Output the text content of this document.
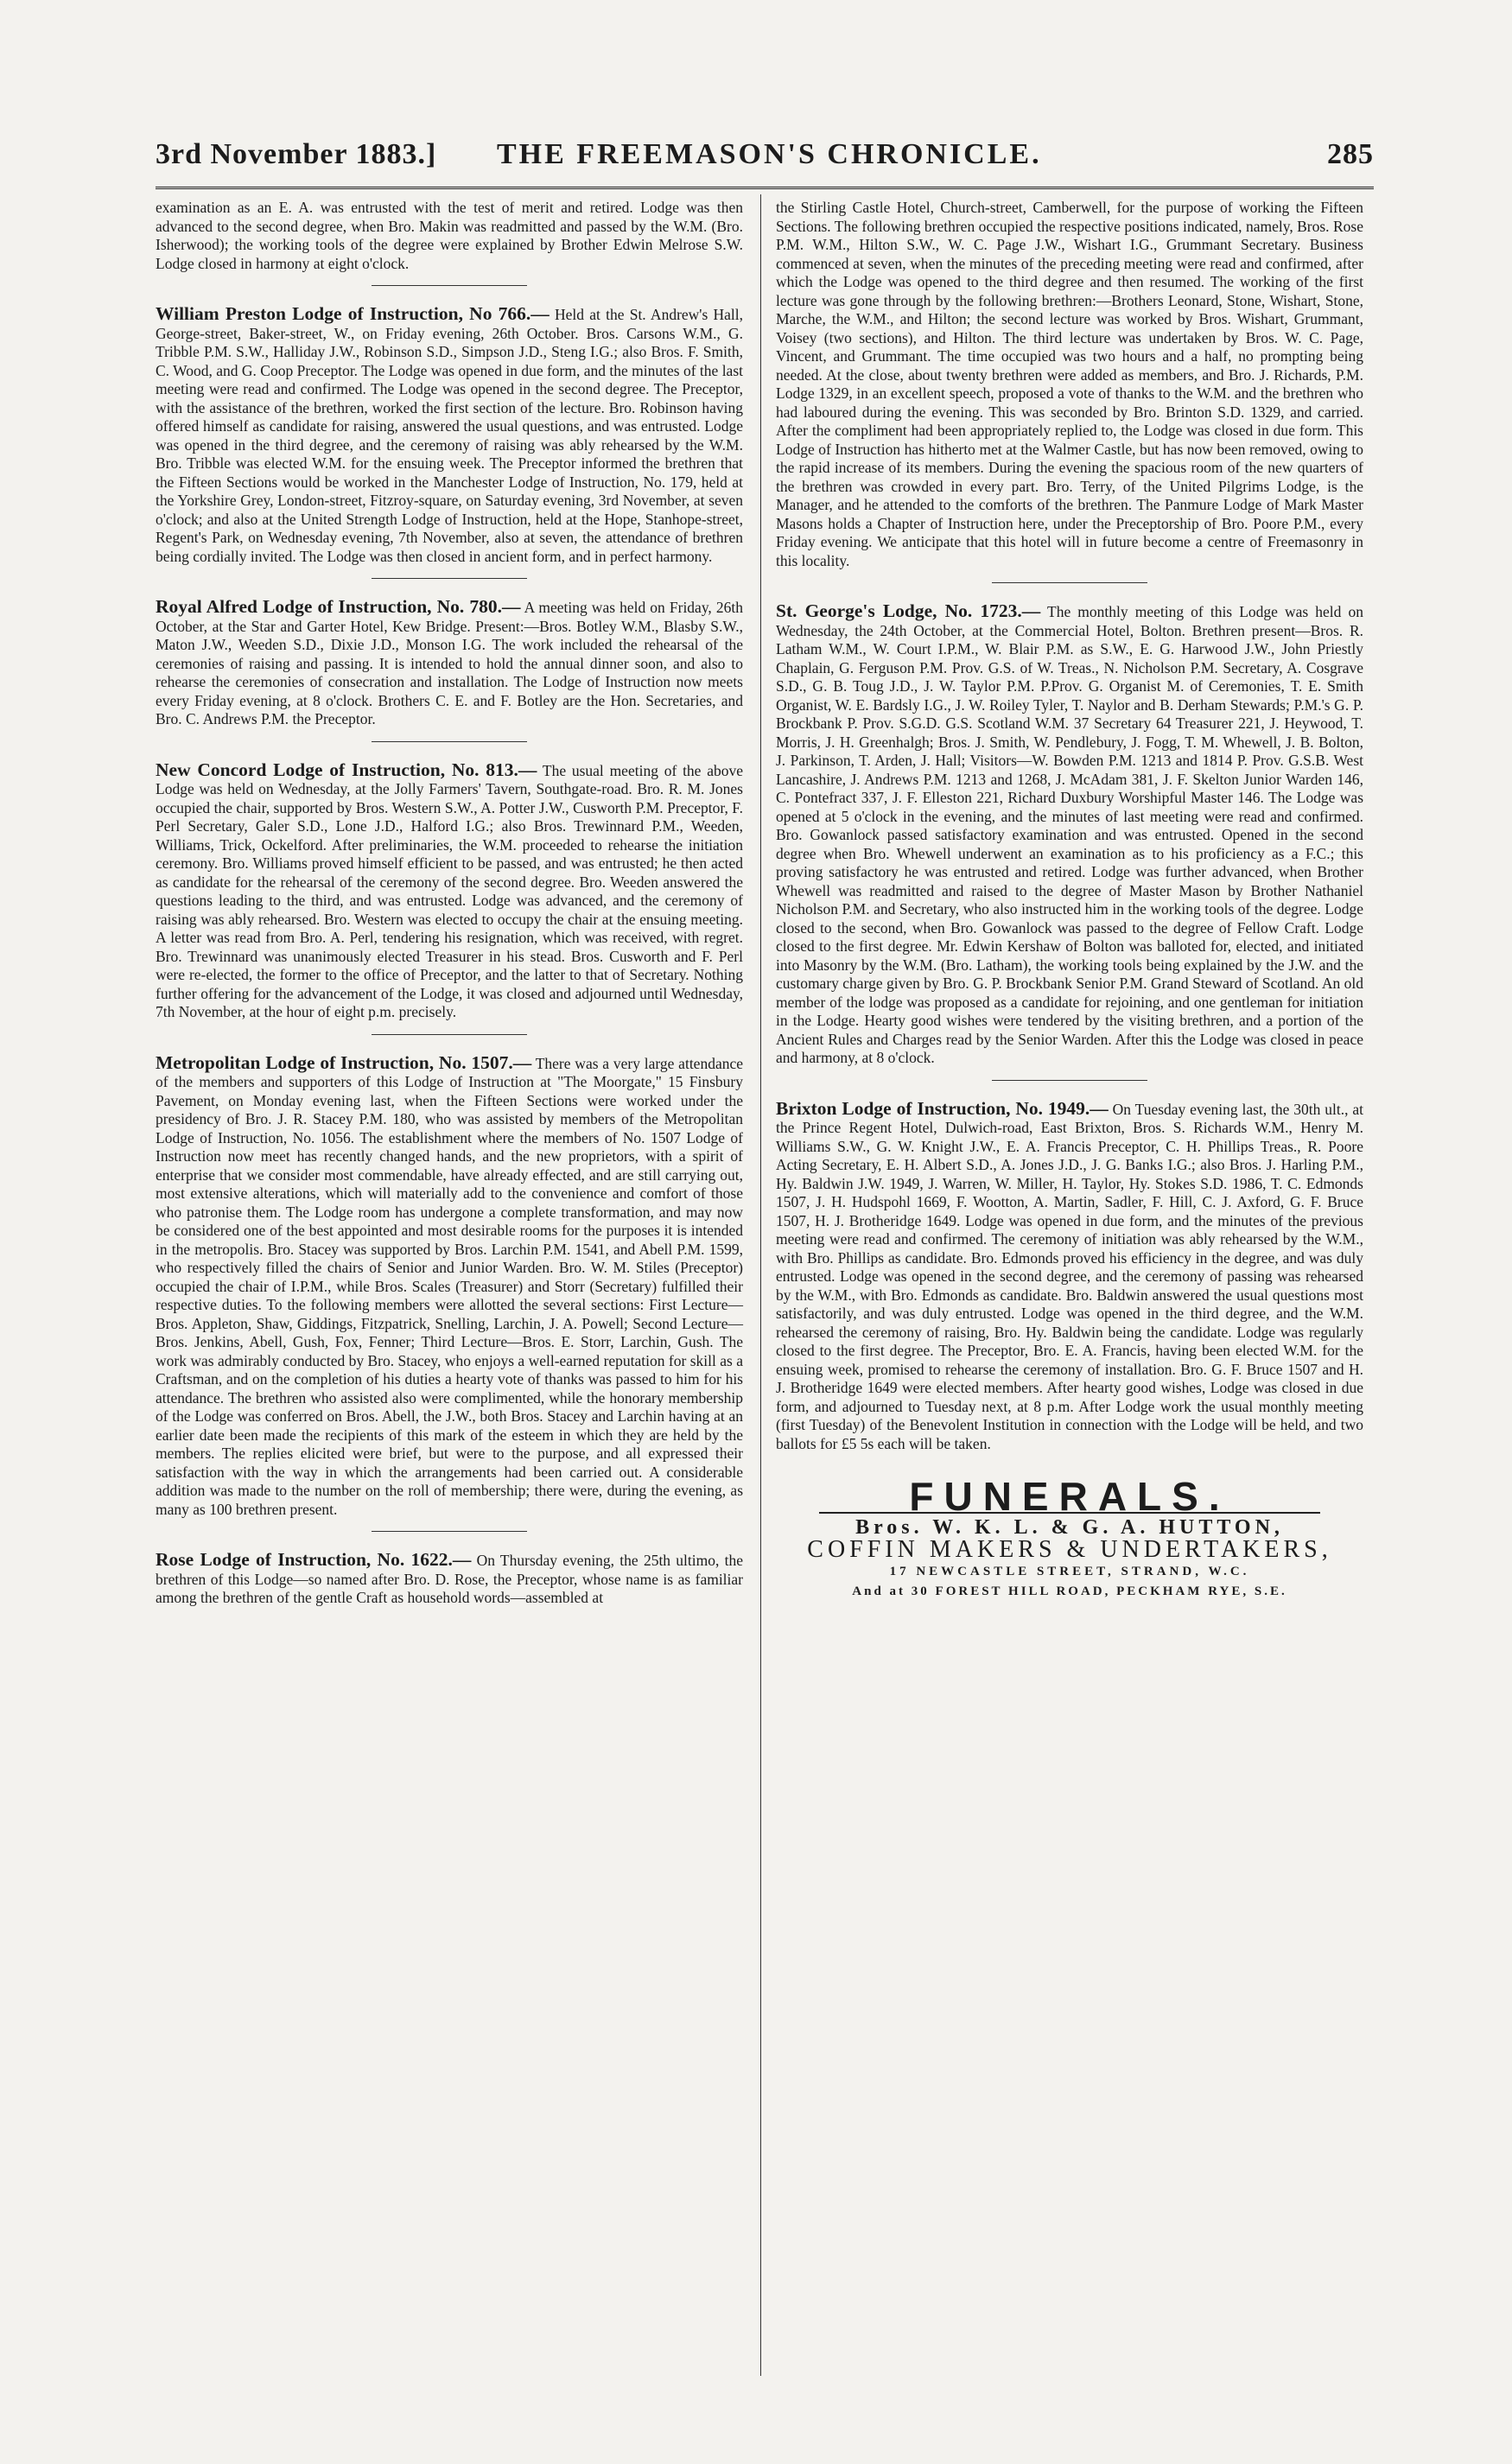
3rd November 1883.] THE FREEMASON'S CHRONICLE.	285

examination as an E. A. was entrusted with the test of merit and retired. Lodge was then advanced to the second degree, when Bro. Makin was readmitted and passed by the W.M. (Bro. Isherwood); the working tools of the degree were explained by Brother Edwin Melrose S.W. Lodge closed in harmony at eight o'clock.

William Preston Lodge of Instruction, No 766.— Held at the St. Andrew's Hall, George-street, Baker-street, W., on Friday evening, 26th October. Bros. Carsons W.M., G. Tribble P.M. S.W., Halliday J.W., Robinson S.D., Simpson J.D., Steng I.G.; also Bros. F. Smith, C. Wood, and G. Coop Preceptor. The Lodge was opened in due form, and the minutes of the last meeting were read and confirmed. The Lodge was opened in the second degree. The Preceptor, with the assistance of the brethren, worked the first section of the lecture. Bro. Robinson having offered himself as candidate for raising, answered the usual questions, and was entrusted. Lodge was opened in the third degree, and the ceremony of raising was ably rehearsed by the W.M. Bro. Tribble was elected W.M. for the ensuing week. The Preceptor informed the brethren that the Fifteen Sections would be worked in the Manchester Lodge of Instruction, No. 179, held at the Yorkshire Grey, London-street, Fitzroy-square, on Saturday evening, 3rd November, at seven o'clock; and also at the United Strength Lodge of Instruction, held at the Hope, Stanhope-street, Regent's Park, on Wednesday evening, 7th November, also at seven, the attendance of brethren being cordially invited. The Lodge was then closed in ancient form, and in perfect harmony.

Royal Alfred Lodge of Instruction, No. 780.— A meeting was held on Friday, 26th October, at the Star and Garter Hotel, Kew Bridge. Present:—Bros. Botley W.M., Blasby S.W., Maton J.W., Weeden S.D., Dixie J.D., Monson I.G. The work included the rehearsal of the ceremonies of raising and passing. It is intended to hold the annual dinner soon, and also to rehearse the ceremonies of consecration and installation. The Lodge of Instruction now meets every Friday evening, at 8 o'clock. Brothers C. E. and F. Botley are the Hon. Secretaries, and Bro. C. Andrews P.M. the Preceptor.

New Concord Lodge of Instruction, No. 813.— The usual meeting of the above Lodge was held on Wednesday, at the Jolly Farmers' Tavern, Southgate-road. Bro. R. M. Jones occupied the chair, supported by Bros. Western S.W., A. Potter J.W., Cusworth P.M. Preceptor, F. Perl Secretary, Galer S.D., Lone J.D., Halford I.G.; also Bros. Trewinnard P.M., Weeden, Williams, Trick, Ockelford. After preliminaries, the W.M. proceeded to rehearse the initiation ceremony. Bro. Williams proved himself efficient to be passed, and was entrusted; he then acted as candidate for the rehearsal of the ceremony of the second degree. Bro. Weeden answered the questions leading to the third, and was entrusted. Lodge was advanced, and the ceremony of raising was ably rehearsed. Bro. Western was elected to occupy the chair at the ensuing meeting. A letter was read from Bro. A. Perl, tendering his resignation, which was received, with regret. Bro. Trewinnard was unanimously elected Treasurer in his stead. Bros. Cusworth and F. Perl were re-elected, the former to the office of Preceptor, and the latter to that of Secretary. Nothing further offering for the advancement of the Lodge, it was closed and adjourned until Wednesday, 7th November, at the hour of eight p.m. precisely.

Metropolitan Lodge of Instruction, No. 1507.— There was a very large attendance of the members and supporters of this Lodge of Instruction at "The Moorgate," 15 Finsbury Pavement, on Monday evening last, when the Fifteen Sections were worked under the presidency of Bro. J. R. Stacey P.M. 180, who was assisted by members of the Metropolitan Lodge of Instruction, No. 1056. The establishment where the members of No. 1507 Lodge of Instruction now meet has recently changed hands, and the new proprietors, with a spirit of enterprise that we consider most commendable, have already effected, and are still carrying out, most extensive alterations, which will materially add to the convenience and comfort of those who patronise them. The Lodge room has undergone a complete transformation, and may now be considered one of the best appointed and most desirable rooms for the purposes it is intended in the metropolis. Bro. Stacey was supported by Bros. Larchin P.M. 1541, and Abell P.M. 1599, who respectively filled the chairs of Senior and Junior Warden. Bro. W. M. Stiles (Preceptor) occupied the chair of I.P.M., while Bros. Scales (Treasurer) and Storr (Secretary) fulfilled their respective duties. To the following members were allotted the several sections: First Lecture—Bros. Appleton, Shaw, Giddings, Fitzpatrick, Snelling, Larchin, J. A. Powell; Second Lecture—Bros. Jenkins, Abell, Gush, Fox, Fenner; Third Lecture—Bros. E. Storr, Larchin, Gush. The work was admirably conducted by Bro. Stacey, who enjoys a well-earned reputation for skill as a Craftsman, and on the completion of his duties a hearty vote of thanks was passed to him for his attendance. The brethren who assisted also were complimented, while the honorary membership of the Lodge was conferred on Bros. Abell, the J.W., both Bros. Stacey and Larchin having at an earlier date been made the recipients of this mark of the esteem in which they are held by the members. The replies elicited were brief, but were to the purpose, and all expressed their satisfaction with the way in which the arrangements had been carried out. A considerable addition was made to the number on the roll of membership; there were, during the evening, as many as 100 brethren present.

Rose Lodge of Instruction, No. 1622.— On Thursday evening, the 25th ultimo, the brethren of this Lodge—so named after Bro. D. Rose, the Preceptor, whose name is as familiar among the brethren of the gentle Craft as household words—assembled at

the Stirling Castle Hotel, Church-street, Camberwell, for the purpose of working the Fifteen Sections. The following brethren occupied the respective positions indicated, namely, Bros. Rose P.M. W.M., Hilton S.W., W. C. Page J.W., Wishart I.G., Grummant Secretary. Business commenced at seven, when the minutes of the preceding meeting were read and confirmed, after which the Lodge was opened to the third degree and then resumed. The working of the first lecture was gone through by the following brethren:—Brothers Leonard, Stone, Wishart, Stone, Marche, the W.M., and Hilton; the second lecture was worked by Bros. Wishart, Grummant, Voisey (two sections), and Hilton. The third lecture was undertaken by Bros. W. C. Page, Vincent, and Grummant. The time occupied was two hours and a half, no prompting being needed. At the close, about twenty brethren were added as members, and Bro. J. Richards, P.M. Lodge 1329, in an excellent speech, proposed a vote of thanks to the W.M. and the brethren who had laboured during the evening. This was seconded by Bro. Brinton S.D. 1329, and carried. After the compliment had been appropriately replied to, the Lodge was closed in due form. This Lodge of Instruction has hitherto met at the Walmer Castle, but has now been removed, owing to the rapid increase of its members. During the evening the spacious room of the new quarters of the brethren was crowded in every part. Bro. Terry, of the United Pilgrims Lodge, is the Manager, and he attended to the comforts of the brethren. The Panmure Lodge of Mark Master Masons holds a Chapter of Instruction here, under the Preceptorship of Bro. Poore P.M., every Friday evening. We anticipate that this hotel will in future become a centre of Freemasonry in this locality.

St. George's Lodge, No. 1723.— The monthly meeting of this Lodge was held on Wednesday, the 24th October, at the Commercial Hotel, Bolton. Brethren present—Bros. R. Latham W.M., W. Court I.P.M., W. Blair P.M. as S.W., E. G. Harwood J.W., John Priestly Chaplain, G. Ferguson P.M. Prov. G.S. of W. Treas., N. Nicholson P.M. Secretary, A. Cosgrave S.D., G. B. Toug J.D., J. W. Taylor P.M. P.Prov. G. Organist M. of Ceremonies, T. E. Smith Organist, W. E. Bardsly I.G., J. W. Roiley Tyler, T. Naylor and B. Derham Stewards; P.M.'s G. P. Brockbank P. Prov. S.G.D. G.S. Scotland W.M. 37 Secretary 64 Treasurer 221, J. Heywood, T. Morris, J. H. Greenhalgh; Bros. J. Smith, W. Pendlebury, J. Fogg, T. M. Whewell, J. B. Bolton, J. Parkinson, T. Arden, J. Hall; Visitors—W. Bowden P.M. 1213 and 1814 P. Prov. G.S.B. West Lancashire, J. Andrews P.M. 1213 and 1268, J. McAdam 381, J. F. Skelton Junior Warden 146, C. Pontefract 337, J. F. Elleston 221, Richard Duxbury Worshipful Master 146. The Lodge was opened at 5 o'clock in the evening, and the minutes of last meeting were read and confirmed. Bro. Gowanlock passed satisfactory examination and was entrusted. Opened in the second degree when Bro. Whewell underwent an examination as to his proficiency as a F.C.; this proving satisfactory he was entrusted and retired. Lodge was further advanced, when Brother Whewell was readmitted and raised to the degree of Master Mason by Brother Nathaniel Nicholson P.M. and Secretary, who also instructed him in the working tools of the degree. Lodge closed to the second, when Bro. Gowanlock was passed to the degree of Fellow Craft. Lodge closed to the first degree. Mr. Edwin Kershaw of Bolton was balloted for, elected, and initiated into Masonry by the W.M. (Bro. Latham), the working tools being explained by the J.W. and the customary charge given by Bro. G. P. Brockbank Senior P.M. Grand Steward of Scotland. An old member of the lodge was proposed as a candidate for rejoining, and one gentleman for initiation in the Lodge. Hearty good wishes were tendered by the visiting brethren, and a portion of the Ancient Rules and Charges read by the Senior Warden. After this the Lodge was closed in peace and harmony, at 8 o'clock.

Brixton Lodge of Instruction, No. 1949.— On Tuesday evening last, the 30th ult., at the Prince Regent Hotel, Dulwich-road, East Brixton, Bros. S. Richards W.M., Henry M. Williams S.W., G. W. Knight J.W., E. A. Francis Preceptor, C. H. Phillips Treas., R. Poore Acting Secretary, E. H. Albert S.D., A. Jones J.D., J. G. Banks I.G.; also Bros. J. Harling P.M., Hy. Baldwin J.W. 1949, J. Warren, W. Miller, H. Taylor, Hy. Stokes S.D. 1986, T. C. Edmonds 1507, J. H. Hudspohl 1669, F. Wootton, A. Martin, Sadler, F. Hill, C. J. Axford, G. F. Bruce 1507, H. J. Brotheridge 1649. Lodge was opened in due form, and the minutes of the previous meeting were read and confirmed. The ceremony of initiation was ably rehearsed by the W.M., with Bro. Phillips as candidate. Bro. Edmonds proved his efficiency in the degree, and was duly entrusted. Lodge was opened in the second degree, and the ceremony of passing was rehearsed by the W.M., with Bro. Edmonds as candidate. Bro. Baldwin answered the usual questions most satisfactorily, and was duly entrusted. Lodge was opened in the third degree, and the W.M. rehearsed the ceremony of raising, Bro. Hy. Baldwin being the candidate. Lodge was regularly closed to the first degree. The Preceptor, Bro. E. A. Francis, having been elected W.M. for the ensuing week, promised to rehearse the ceremony of installation. Bro. G. F. Bruce 1507 and H. J. Brotheridge 1649 were elected members. After hearty good wishes, Lodge was closed in due form, and adjourned to Tuesday next, at 8 p.m. After Lodge work the usual monthly meeting (first Tuesday) of the Benevolent Institution in connection with the Lodge will be held, and two ballots for £5 5s each will be taken.

FUNERALS.
Bros. W. K. L. & G. A. HUTTON,
COFFIN MAKERS & UNDERTAKERS,
17 NEWCASTLE STREET, STRAND, W.C.
And at 30 FOREST HILL ROAD, PECKHAM RYE, S.E.
